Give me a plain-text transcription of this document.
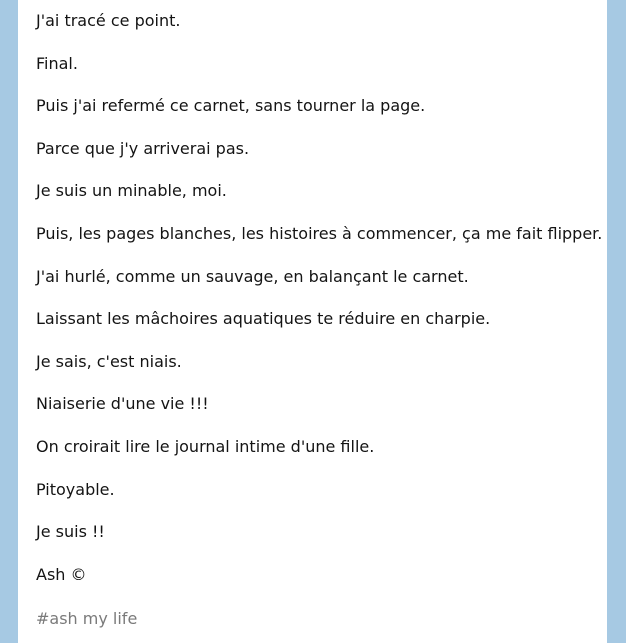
J'ai tracé ce point.

Final.

Puis j'ai refermé ce carnet, sans tourner la page.

Parce que j'y arriverai pas.

Je suis un minable, moi.

Puis, les pages blanches, les histoires à commencer, ça me fait flipper.

J'ai hurlé, comme un sauvage, en balançant le carnet.

Laissant les mâchoires aquatiques te réduire en charpie.

Je sais, c'est niais.

Niaiserie d'une vie !!!

On croirait lire le journal intime d'une fille.

Pitoyable.

Je suis !!

Ash ©

#ash my life
